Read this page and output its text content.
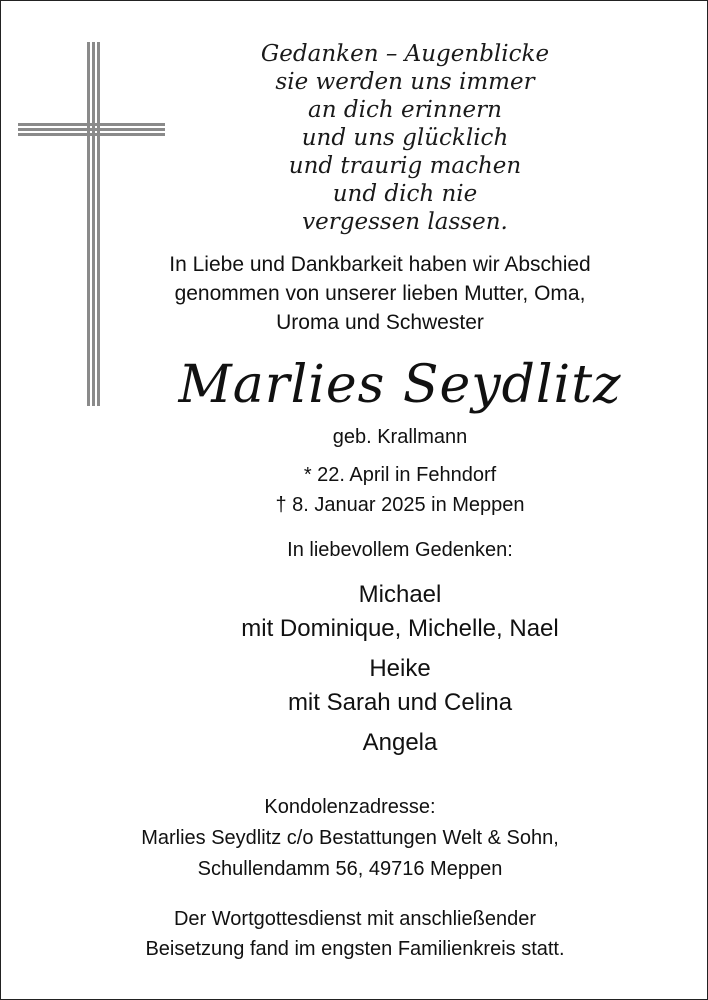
Gedanken – Augenblicke
sie werden uns immer
an dich erinnern
und uns glücklich
und traurig machen
und dich nie
vergessen lassen.
In Liebe und Dankbarkeit haben wir Abschied
genommen von unserer lieben Mutter, Oma,
Uroma und Schwester
Marlies Seydlitz
geb. Krallmann
* 22. April in Fehndorf
† 8. Januar 2025 in Meppen
In liebevollem Gedenken:
Michael
mit Dominique, Michelle, Nael
Heike
mit Sarah und Celina
Angela
Kondolenzadresse:
Marlies Seydlitz c/o Bestattungen Welt & Sohn,
Schullendamm 56, 49716 Meppen
Der Wortgottesdienst mit anschließender
Beisetzung fand im engsten Familienkreis statt.
